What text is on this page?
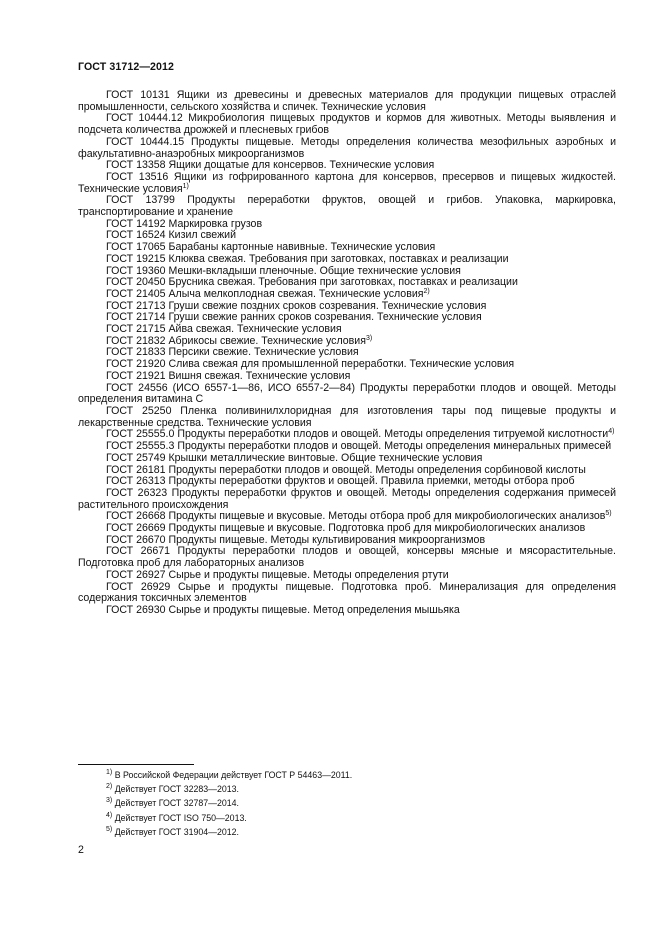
ГОСТ 31712—2012

ГОСТ 10131 Ящики из древесины и древесных материалов для продукции пищевых отраслей промышленности, сельского хозяйства и спичек. Технические условия

ГОСТ 10444.12 Микробиология пищевых продуктов и кормов для животных. Методы выявления и подсчета количества дрожжей и плесневых грибов

ГОСТ 10444.15 Продукты пищевые. Методы определения количества мезофильных аэробных и факультативно-анаэробных микроорганизмов

ГОСТ 13358 Ящики дощатые для консервов. Технические условия

ГОСТ 13516 Ящики из гофрированного картона для консервов, пресервов и пищевых жидкостей. Технические условия$^{1)}$

ГОСТ 13799 Продукты переработки фруктов, овощей и грибов. Упаковка, маркировка, транспортирование и хранение

ГОСТ 14192 Маркировка грузов

ГОСТ 16524 Кизил свежий

ГОСТ 17065 Барабаны картонные навивные. Технические условия

ГОСТ 19215 Клюква свежая. Требования при заготовках, поставках и реализации

ГОСТ 19360 Мешки-вкладыши пленочные. Общие технические условия

ГОСТ 20450 Брусника свежая. Требования при заготовках, поставках и реализации

ГОСТ 21405 Алыча мелкоплодная свежая. Технические условия$^{2)}$

ГОСТ 21713 Груши свежие поздних сроков созревания. Технические условия

ГОСТ 21714 Груши свежие ранних сроков созревания. Технические условия

ГОСТ 21715 Айва свежая. Технические условия

ГОСТ 21832 Абрикосы свежие. Технические условия$^{3)}$

ГОСТ 21833 Персики свежие. Технические условия

ГОСТ 21920 Слива свежая для промышленной переработки. Технические условия

ГОСТ 21921 Вишня свежая. Технические условия

ГОСТ 24556 (ИСО 6557-1—86, ИСО 6557-2—84) Продукты переработки плодов и овощей. Методы определения витамина С

ГОСТ 25250 Пленка поливинилхлоридная для изготовления тары под пищевые продукты и лекарственные средства. Технические условия

ГОСТ 25555.0 Продукты переработки плодов и овощей. Методы определения титруемой кислотности$^{4)}$

ГОСТ 25555.3 Продукты переработки плодов и овощей. Методы определения минеральных примесей

ГОСТ 25749 Крышки металлические винтовые. Общие технические условия

ГОСТ 26181 Продукты переработки плодов и овощей. Методы определения сорбиновой кислоты

ГОСТ 26313 Продукты переработки фруктов и овощей. Правила приемки, методы отбора проб

ГОСТ 26323 Продукты переработки фруктов и овощей. Методы определения содержания примесей растительного происхождения

ГОСТ 26668 Продукты пищевые и вкусовые. Методы отбора проб для микробиологических анализов$^{5)}$

ГОСТ 26669 Продукты пищевые и вкусовые. Подготовка проб для микробиологических анализов

ГОСТ 26670 Продукты пищевые. Методы культивирования микроорганизмов

ГОСТ 26671 Продукты переработки плодов и овощей, консервы мясные и мясорастительные. Подготовка проб для лабораторных анализов

ГОСТ 26927 Сырье и продукты пищевые. Методы определения ртути

ГОСТ 26929 Сырье и продукты пищевые. Подготовка проб. Минерализация для определения содержания токсичных элементов

ГОСТ 26930 Сырье и продукты пищевые. Метод определения мышьяка

$^{1)}$ В Российской Федерации действует ГОСТ Р 54463—2011.

$^{2)}$ Действует ГОСТ 32283—2013.

$^{3)}$ Действует ГОСТ 32787—2014.

$^{4)}$ Действует ГОСТ ISO 750—2013.

$^{5)}$ Действует ГОСТ 31904—2012.

2
